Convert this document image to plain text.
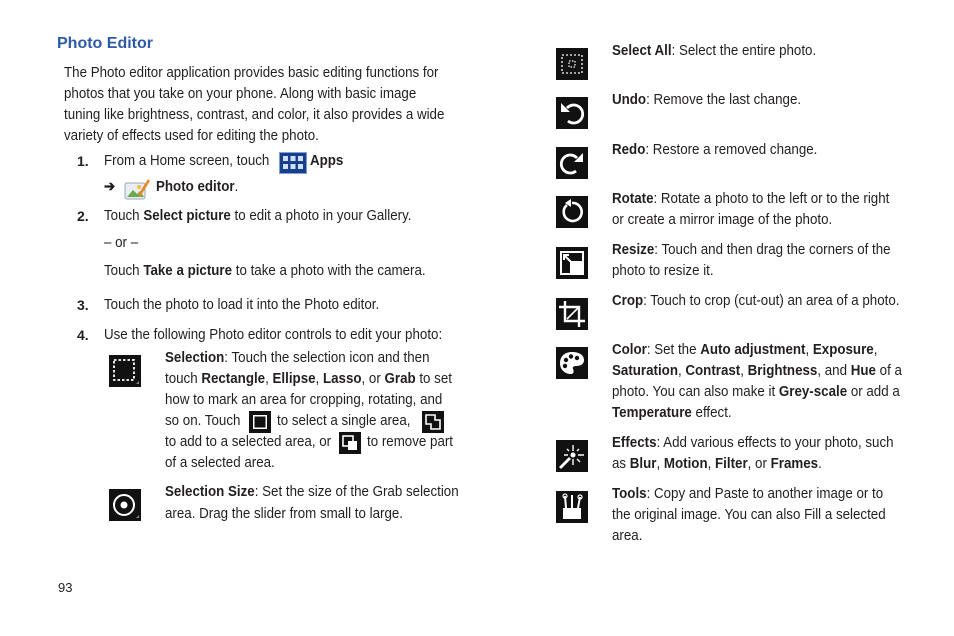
Photo Editor
The Photo editor application provides basic editing functions for
photos that you take on your phone. Along with basic image
tuning like brightness, contrast, and color, it also provides a wide
variety of effects used for editing the photo.
1. From a Home screen, touch	Apps
➔	Photo editor.
2. Touch Select picture to edit a photo in your Gallery.
– or –
Touch Take a picture to take a photo with the camera.
3. Touch the photo to load it into the Photo editor.
4. Use the following Photo editor controls to edit your photo:
Selection: Touch the selection icon and then
touch Rectangle, Ellipse, Lasso, or Grab to set
how to mark an area for cropping, rotating, and
so on. Touch	to select a single area,
to add to a selected area, or to remove part
of a selected area.
Selection Size: Set the size of the Grab selection
area. Drag the slider from small to large.
93
Select All: Select the entire photo.
Undo: Remove the last change.
Redo: Restore a removed change.
Rotate: Rotate a photo to the left or to the right
or create a mirror image of the photo.
Resize: Touch and then drag the corners of the
photo to resize it.
Crop: Touch to crop (cut-out) an area of a photo.
Color: Set the Auto adjustment, Exposure,
Saturation, Contrast, Brightness, and Hue of a
photo. You can also make it Grey-scale or add a
Temperature effect.
Effects: Add various effects to your photo, such
as Blur, Motion, Filter, or Frames.
Tools: Copy and Paste to another image or to
the original image. You can also Fill a selected
area.
